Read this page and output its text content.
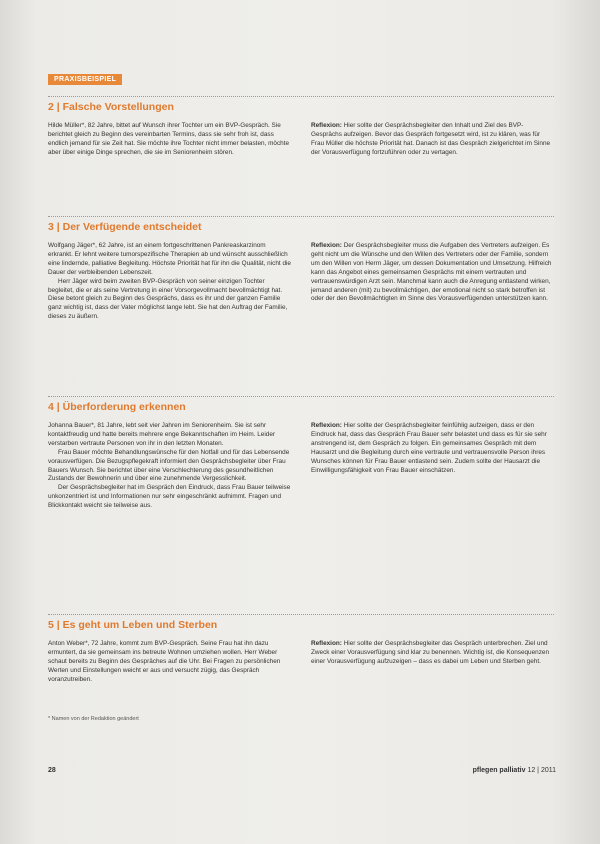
PRAXISBEISPIEL
2 | Falsche Vorstellungen

Hilde Müller*, 82 Jahre, bittet auf Wunsch ihrer Tochter um ein BVP-Gespräch. Sie berichtet gleich zu Beginn des vereinbarten Termins, dass sie sehr froh ist, dass endlich jemand für sie Zeit hat. Sie möchte ihre Tochter nicht immer belasten, möchte aber über einige Dinge sprechen, die sie im Seniorenheim stören.

Reflexion: Hier sollte der Gesprächsbegleiter den Inhalt und Ziel des BVP-Gesprächs aufzeigen. Bevor das Gespräch fortgesetzt wird, ist zu klären, was für Frau Müller die höchste Priorität hat. Danach ist das Gespräch zielgerichtet im Sinne der Vorausverfügung fortzuführen oder zu vertagen.

3 | Der Verfügende entscheidet

Wolfgang Jäger*, 62 Jahre, ist an einem fortgeschrittenen Pankreaskarzinom erkrankt. Er lehnt weitere tumorspezifische Therapien ab und wünscht ausschließlich eine lindernde, palliative Begleitung. Höchste Priorität hat für ihn die Qualität, nicht die Dauer der verbleibenden Lebenszeit.

Herr Jäger wird beim zweiten BVP-Gespräch von seiner einzigen Tochter begleitet, die er als seine Vertretung in einer Vorsorgevollmacht bevollmächtigt hat. Diese betont gleich zu Beginn des Gesprächs, dass es ihr und der ganzen Familie ganz wichtig ist, dass der Vater möglichst lange lebt. Sie hat den Auftrag der Familie, dieses zu äußern.

Reflexion: Der Gesprächsbegleiter muss die Aufgaben des Vertreters aufzeigen. Es geht nicht um die Wünsche und den Willen des Vertreters oder der Familie, sondern um den Willen von Herrn Jäger, um dessen Dokumentation und Umsetzung. Hilfreich kann das Angebot eines gemeinsamen Gesprächs mit einem vertrauten und vertrauenswürdigen Arzt sein. Manchmal kann auch die Anregung entlastend wirken, jemand anderen (mit) zu bevollmächtigen, der emotional nicht so stark betroffen ist oder der den Bevollmächtigten im Sinne des Vorausverfügenden unterstützen kann.

4 | Überforderung erkennen

Johanna Bauer*, 81 Jahre, lebt seit vier Jahren im Seniorenheim. Sie ist sehr kontaktfreudig und hatte bereits mehrere enge Bekanntschaften im Heim. Leider verstarben vertraute Personen von ihr in den letzten Monaten.

Frau Bauer möchte Behandlungswünsche für den Notfall und für das Lebensende vorausverfügen. Die Bezugspflegekraft informiert den Gesprächsbegleiter über Frau Bauers Wunsch. Sie berichtet über eine Verschlechterung des gesundheitlichen Zustands der Bewohnerin und über eine zunehmende Vergesslichkeit.

Der Gesprächsbegleiter hat im Gespräch den Eindruck, dass Frau Bauer teilweise unkonzentriert ist und Informationen nur sehr eingeschränkt aufnimmt. Fragen und Blickkontakt weicht sie teilweise aus.

Reflexion: Hier sollte der Gesprächsbegleiter feinfühlig aufzeigen, dass er den Eindruck hat, dass das Gespräch Frau Bauer sehr belastet und dass es für sie sehr anstrengend ist, dem Gespräch zu folgen. Ein gemeinsames Gespräch mit dem Hausarzt und die Begleitung durch eine vertraute und vertrauensvolle Person ihres Wunsches können für Frau Bauer entlastend sein. Zudem sollte der Hausarzt die Einwilligungsfähigkeit von Frau Bauer einschätzen.

5 | Es geht um Leben und Sterben

Anton Weber*, 72 Jahre, kommt zum BVP-Gespräch. Seine Frau hat ihn dazu ermuntert, da sie gemeinsam ins betreute Wohnen umziehen wollen. Herr Weber schaut bereits zu Beginn des Gespräches auf die Uhr. Bei Fragen zu persönlichen Werten und Einstellungen weicht er aus und versucht zügig, das Gespräch voranzutreiben.

Reflexion: Hier sollte der Gesprächsbegleiter das Gespräch unterbrechen. Ziel und Zweck einer Vorausverfügung sind klar zu benennen. Wichtig ist, die Konsequenzen einer Vorausverfügung aufzuzeigen – dass es dabei um Leben und Sterben geht.

* Namen von der Redaktion geändert
28	pflegen palliativ 12 | 2011
